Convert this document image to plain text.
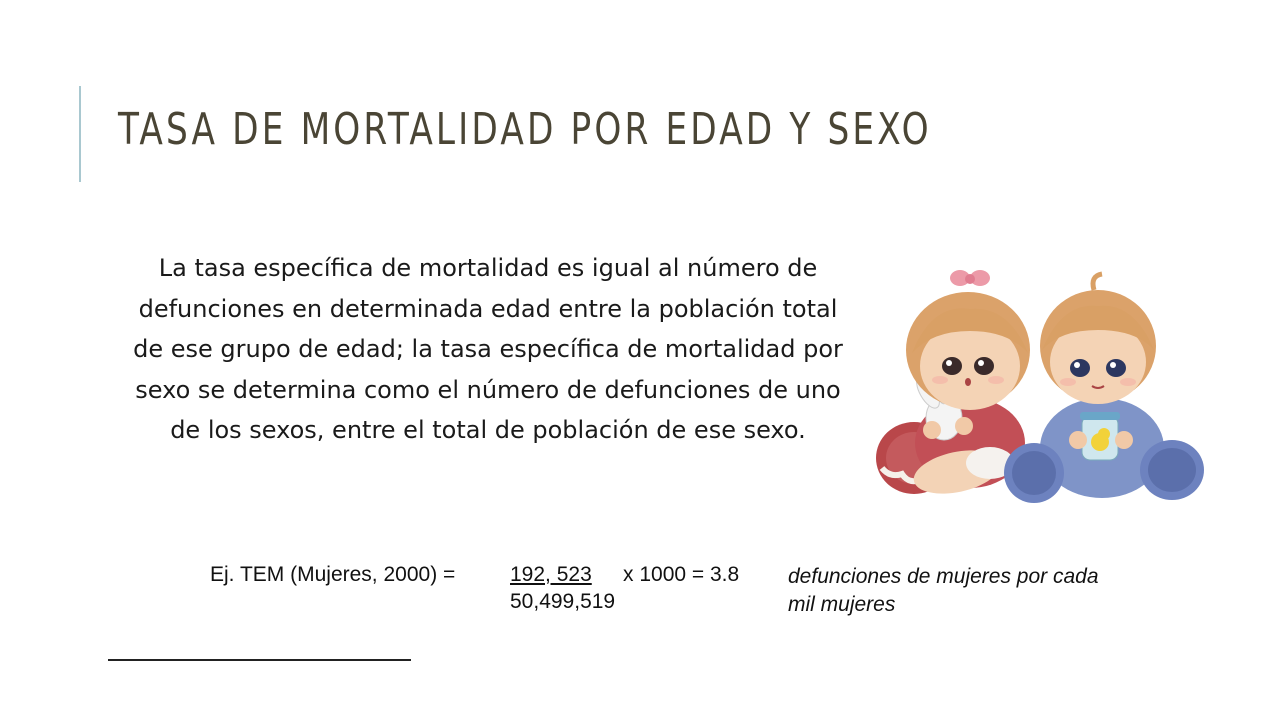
TASA DE MORTALIDAD POR EDAD Y SEXO

La tasa específica de mortalidad es igual al número de defunciones en determinada edad entre la población total de ese grupo de edad; la tasa específica de mortalidad por sexo se determina como el número de defunciones de uno de los sexos, entre el total de población de ese sexo.

Ej. TEM (Mujeres, 2000) =	192, 523 x 1000 = 3.8
50,499,519
defunciones de mujeres por cada mil mujeres
